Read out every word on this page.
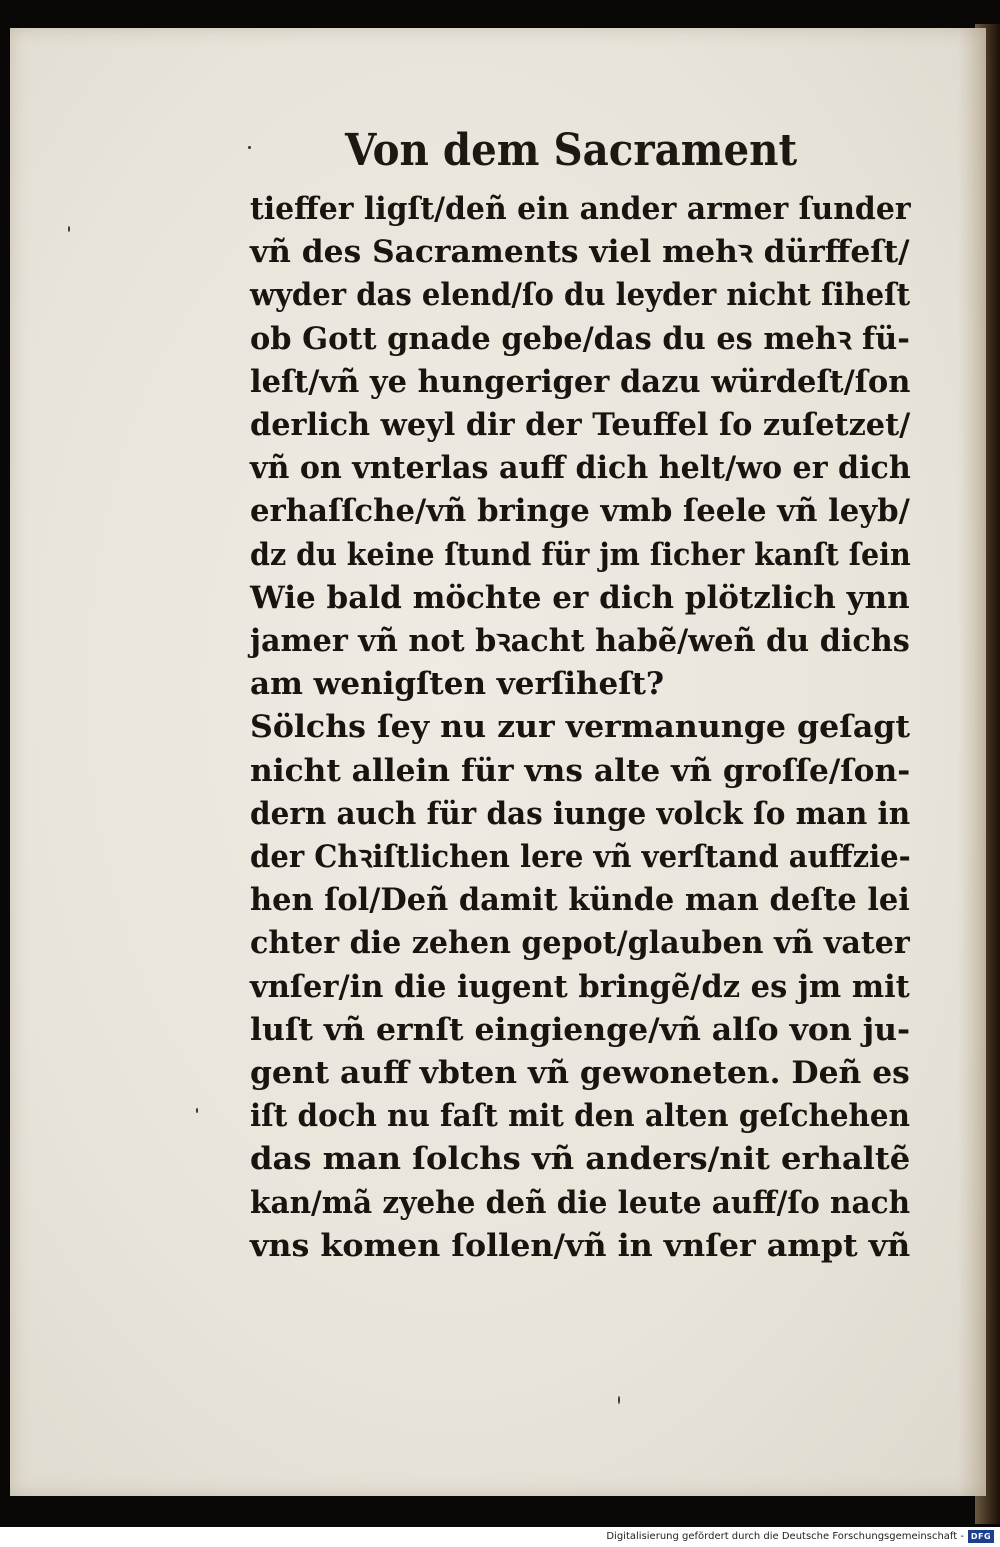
Von dem Sacrament
tieffer ligſt/deñ ein ander armer ſunder
vñ des Sacraments viel mehꝛ dürffeſt/
wyder das elend/ſo du leyder nicht ſiheſt
ob Gott gnade gebe/das du es mehꝛ fü-
leſt/vñ ye hungeriger dazu würdeſt/ſon
derlich weyl dir der Teuffel ſo zuſetzet/
vñ on vnterlas auff dich helt/wo er dich
erhaſſche/vñ bringe vmb ſeele vñ leyb/
dz du keine ſtund für jm ſicher kanſt ſein
Wie bald möchte er dich plötzlich ynn
jamer vñ not bꝛacht habẽ/weñ du dichs
am wenigſten verſiheſt?
Sölchs ſey nu zur vermanunge geſagt
nicht allein für vns alte vñ groſſe/ſon-
dern auch für das iunge volck ſo man in
der Chꝛiſtlichen lere vñ verſtand auffzie-
hen ſol/Deñ damit künde man deſte lei
chter die zehen gepot/glauben vñ vater
vnſer/in die iugent bringẽ/dz es jm mit
luſt vñ ernſt eingienge/vñ alſo von ju-
gent auff vbten vñ gewoneten. Deñ es
iſt doch nu faſt mit den alten geſchehen
das man ſolchs vñ anders/nit erhaltẽ
kan/mã zyehe deñ die leute auff/ſo nach
vns komen ſollen/vñ in vnſer ampt vñ
Digitalisierung gefördert durch die Deutsche Forschungsgemeinschaft - DFG
